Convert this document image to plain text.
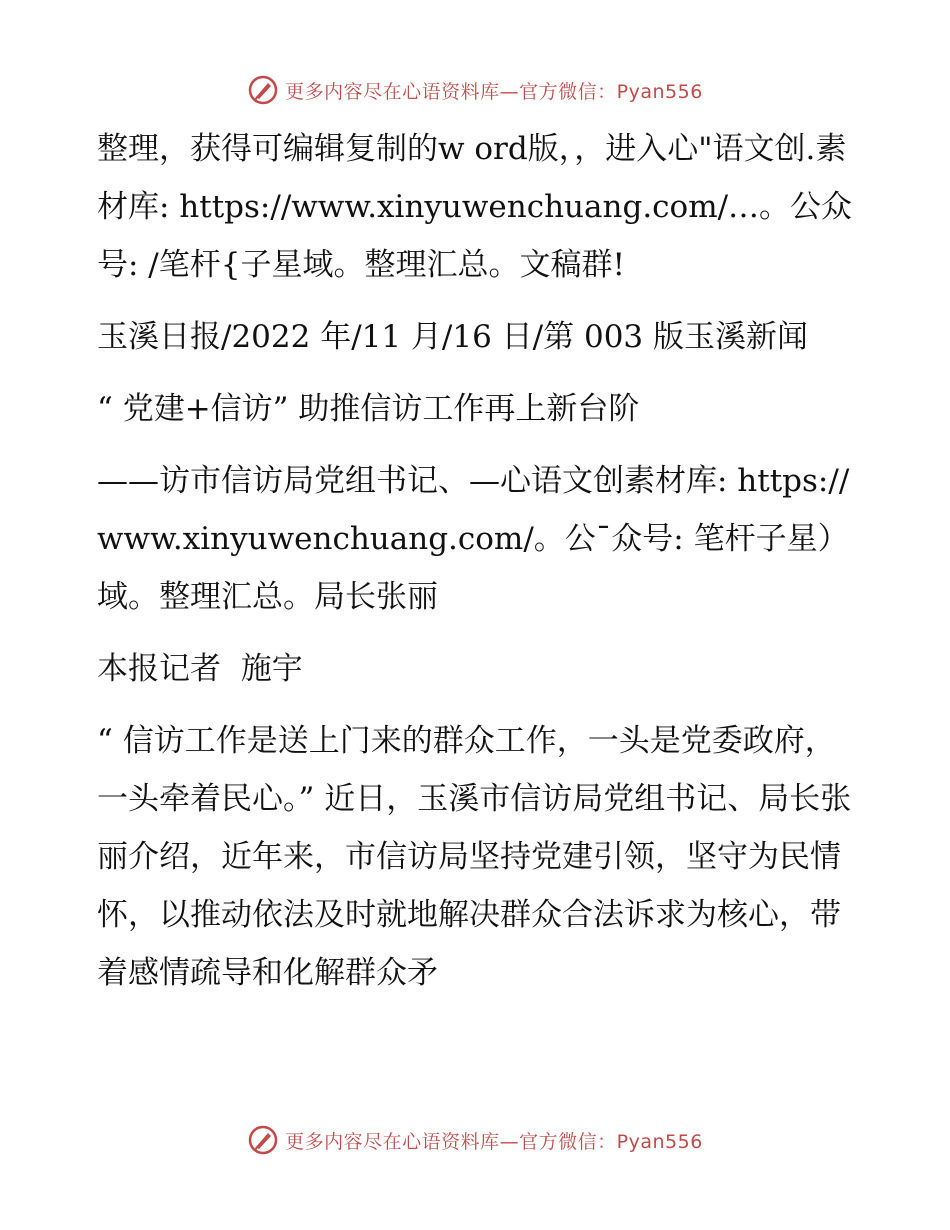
更多内容尽在心语资料库—官方微信：Pyan556

整理，获得可编辑复制的w ord版，，进入心"语文创.素材库: https://www.xinyuwenchuang.com/…。公众号: /笔杆{子星域。整理汇总。文稿群!

玉溪日报/2022 年/11 月/16 日/第 003 版玉溪新闻

“ 党建+信访” 助推信访工作再上新台阶

——访市信访局党组书记、—心语文创素材库: https://www.xinyuwenchuang.com/。公¯众号: 笔杆子星）域。整理汇总。局长张丽

本报记者  施宇

“ 信访工作是送上门来的群众工作，一头是党委政府，一头牵着民心。” 近日，玉溪市信访局党组书记、局长张丽介绍，近年来，市信访局坚持党建引领，坚守为民情怀，以推动依法及时就地解决群众合法诉求为核心，带着感情疏导和化解群众矛

更多内容尽在心语资料库—官方微信：Pyan556
